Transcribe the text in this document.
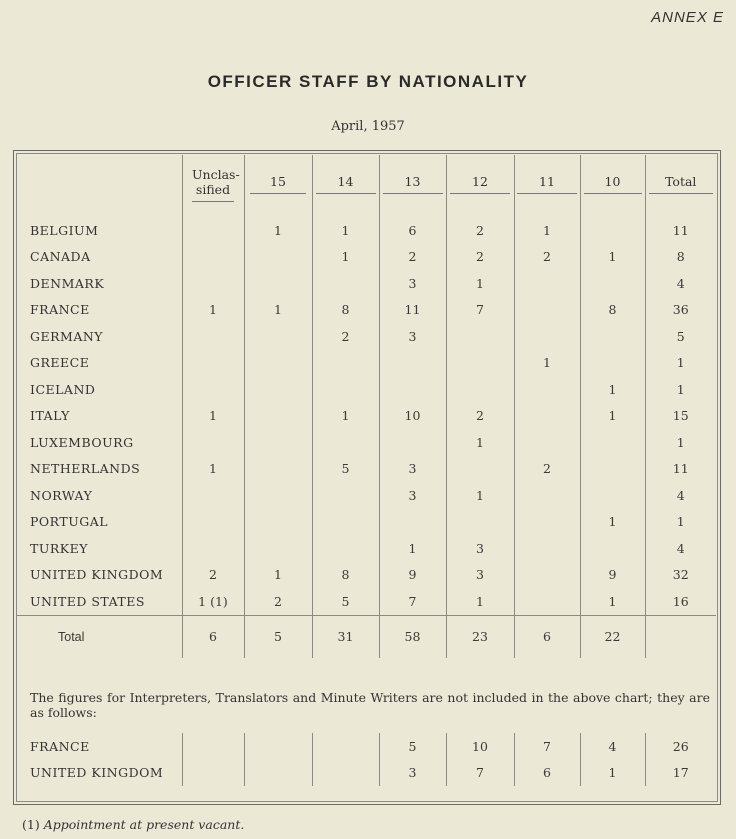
ANNEX E
OFFICER STAFF BY NATIONALITY
April, 1957
	Unclas-sified	15	14	13	12	11	10	Total
BELGIUM		1	1	6	2	1		11
CANADA			1	2	2	2	1	8
DENMARK				3	1			4
FRANCE	1	1	8	11	7		8	36
GERMANY			2	3				5
GREECE						1		1
ICELAND							1	1
ITALY	1		1	10	2		1	15
LUXEMBOURG					1			1
NETHERLANDS	1		5	3		2		11
NORWAY				3	1			4
PORTUGAL							1	1
TURKEY				1	3			4
UNITED KINGDOM	2	1	8	9	3		9	32
UNITED STATES	1 (1)	2	5	7	1		1	16
Total	6	5	31	58	23	6	22	
The figures for Interpreters, Translators and Minute Writers are not included in the above chart; they are as follows:
FRANCE				5	10	7	4	26
UNITED KINGDOM				3	7	6	1	17
(1) Appointment at present vacant.
